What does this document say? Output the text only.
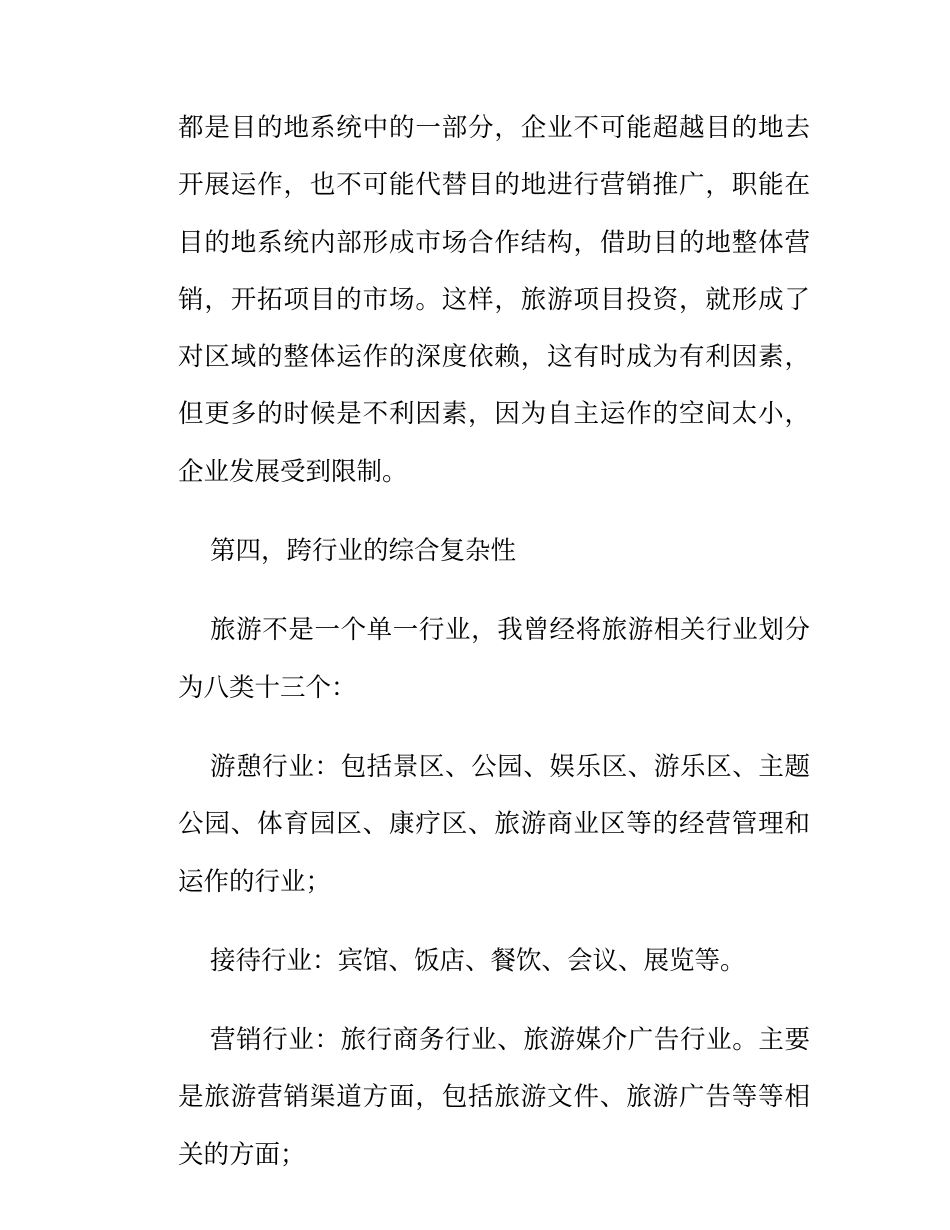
都是目的地系统中的一部分，企业不可能超越目的地去开展运作，也不可能代替目的地进行营销推广，职能在目的地系统内部形成市场合作结构，借助目的地整体营销，开拓项目的市场。这样，旅游项目投资，就形成了对区域的整体运作的深度依赖，这有时成为有利因素，但更多的时候是不利因素，因为自主运作的空间太小，企业发展受到限制。

第四，跨行业的综合复杂性

旅游不是一个单一行业，我曾经将旅游相关行业划分为八类十三个：

游憩行业：包括景区、公园、娱乐区、游乐区、主题公园、体育园区、康疗区、旅游商业区等的经营管理和运作的行业；

接待行业：宾馆、饭店、餐饮、会议、展览等。

营销行业：旅行商务行业、旅游媒介广告行业。主要是旅游营销渠道方面，包括旅游文件、旅游广告等等相关的方面；
